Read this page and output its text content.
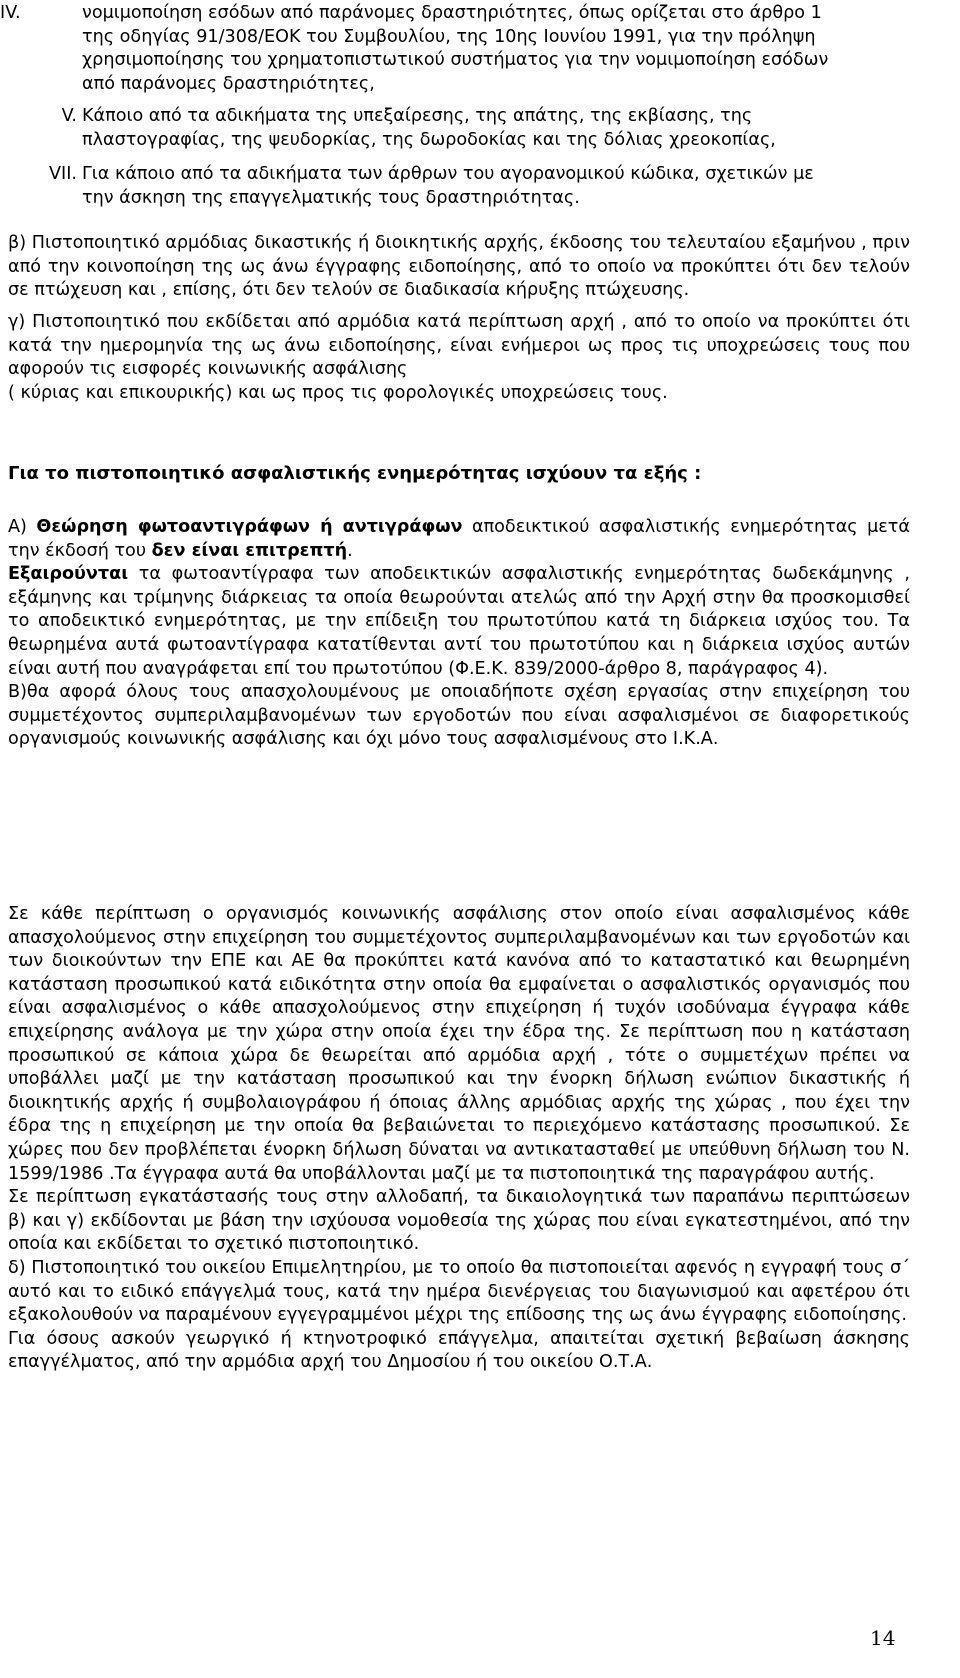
IV.	νομιμοποίηση εσόδων από παράνομες δραστηριότητες, όπως ορίζεται στο άρθρο 1
της οδηγίας 91/308/ΕΟΚ του Συμβουλίου, της 10ης Ιουνίου 1991, για την πρόληψη
χρησιμοποίησης του χρηματοπιστωτικού συστήματος για την νομιμοποίηση εσόδων
από παράνομες δραστηριότητες,
V. Κάποιο από τα αδικήματα της υπεξαίρεσης, της απάτης, της εκβίασης, της
πλαστογραφίας, της ψευδορκίας, της δωροδοκίας και της δόλιας χρεοκοπίας,
VII. Για κάποιο από τα αδικήματα των άρθρων του αγορανομικού κώδικα, σχετικών με
την άσκηση της επαγγελματικής τους δραστηριότητας.

β) Πιστοποιητικό αρμόδιας δικαστικής ή διοικητικής αρχής, έκδοσης του τελευταίου εξαμήνου , πριν από την κοινοποίηση της ως άνω έγγραφης ειδοποίησης, από το οποίο να προκύπτει ότι δεν τελούν σε πτώχευση και , επίσης, ότι δεν τελούν σε διαδικασία κήρυξης πτώχευσης.

γ) Πιστοποιητικό που εκδίδεται από αρμόδια κατά περίπτωση αρχή , από το οποίο να προκύπτει ότι κατά την ημερομηνία της ως άνω ειδοποίησης, είναι ενήμεροι ως προς τις υποχρεώσεις τους που αφορούν τις εισφορές κοινωνικής ασφάλισης

( κύριας και επικουρικής) και ως προς τις φορολογικές υποχρεώσεις τους.

Για το πιστοποιητικό ασφαλιστικής ενημερότητας ισχύουν τα εξής :

Α) Θεώρηση φωτοαντιγράφων ή αντιγράφων αποδεικτικού ασφαλιστικής ενημερότητας μετά την έκδοσή του δεν είναι επιτρεπτή.

Εξαιρούνται τα φωτοαντίγραφα των αποδεικτικών ασφαλιστικής ενημερότητας δωδεκάμηνης , εξάμηνης και τρίμηνης διάρκειας τα οποία θεωρούνται ατελώς από την Αρχή στην θα προσκομισθεί το αποδεικτικό ενημερότητας, με την επίδειξη του πρωτοτύπου κατά τη διάρκεια ισχύος του. Τα θεωρημένα αυτά φωτοαντίγραφα κατατίθενται αντί του πρωτοτύπου και η διάρκεια ισχύος αυτών είναι αυτή που αναγράφεται επί του πρωτοτύπου (Φ.Ε.Κ. 839/2000-άρθρο 8, παράγραφος 4).

Β)θα αφορά όλους τους απασχολουμένους με οποιαδήποτε σχέση εργασίας στην επιχείρηση του συμμετέχοντος συμπεριλαμβανομένων των εργοδοτών που είναι ασφαλισμένοι σε διαφορετικούς οργανισμούς κοινωνικής ασφάλισης και όχι μόνο τους ασφαλισμένους στο Ι.Κ.Α.

Σε κάθε περίπτωση ο οργανισμός κοινωνικής ασφάλισης στον οποίο είναι ασφαλισμένος κάθε απασχολούμενος στην επιχείρηση του συμμετέχοντος συμπεριλαμβανομένων και των εργοδοτών και των διοικούντων την ΕΠΕ και ΑΕ θα προκύπτει κατά κανόνα από το καταστατικό και θεωρημένη κατάσταση προσωπικού κατά ειδικότητα στην οποία θα εμφαίνεται ο ασφαλιστικός οργανισμός που είναι ασφαλισμένος ο κάθε απασχολούμενος στην επιχείρηση ή τυχόν ισοδύναμα έγγραφα κάθε επιχείρησης ανάλογα με την χώρα στην οποία έχει την έδρα της. Σε περίπτωση που η κατάσταση προσωπικού σε κάποια χώρα δε θεωρείται από αρμόδια αρχή , τότε ο συμμετέχων πρέπει να υποβάλλει μαζί με την κατάσταση προσωπικού και την ένορκη δήλωση ενώπιον δικαστικής ή διοικητικής αρχής ή συμβολαιογράφου ή όποιας άλλης αρμόδιας αρχής της χώρας , που έχει την έδρα της η επιχείρηση με την οποία θα βεβαιώνεται το περιεχόμενο κατάστασης προσωπικού. Σε χώρες που δεν προβλέπεται ένορκη δήλωση δύναται να αντικατασταθεί με υπεύθυνη δήλωση του Ν. 1599/1986 .Τα έγγραφα αυτά θα υποβάλλονται μαζί με τα πιστοποιητικά της παραγράφου αυτής.

Σε περίπτωση εγκατάστασής τους στην αλλοδαπή, τα δικαιολογητικά των παραπάνω περιπτώσεων β) και γ) εκδίδονται με βάση την ισχύουσα νομοθεσία της χώρας που είναι εγκατεστημένοι, από την οποία και εκδίδεται το σχετικό πιστοποιητικό.

δ) Πιστοποιητικό του οικείου Επιμελητηρίου, με το οποίο θα πιστοποιείται αφενός η εγγραφή τους σ΄ αυτό και το ειδικό επάγγελμά τους, κατά την ημέρα διενέργειας του διαγωνισμού και αφετέρου ότι εξακολουθούν να παραμένουν εγγεγραμμένοι μέχρι της επίδοσης της ως άνω έγγραφης ειδοποίησης.

Για όσους ασκούν γεωργικό ή κτηνοτροφικό επάγγελμα, απαιτείται σχετική βεβαίωση άσκησης επαγγέλματος, από την αρμόδια αρχή του Δημοσίου ή του οικείου Ο.Τ.Α.

14
